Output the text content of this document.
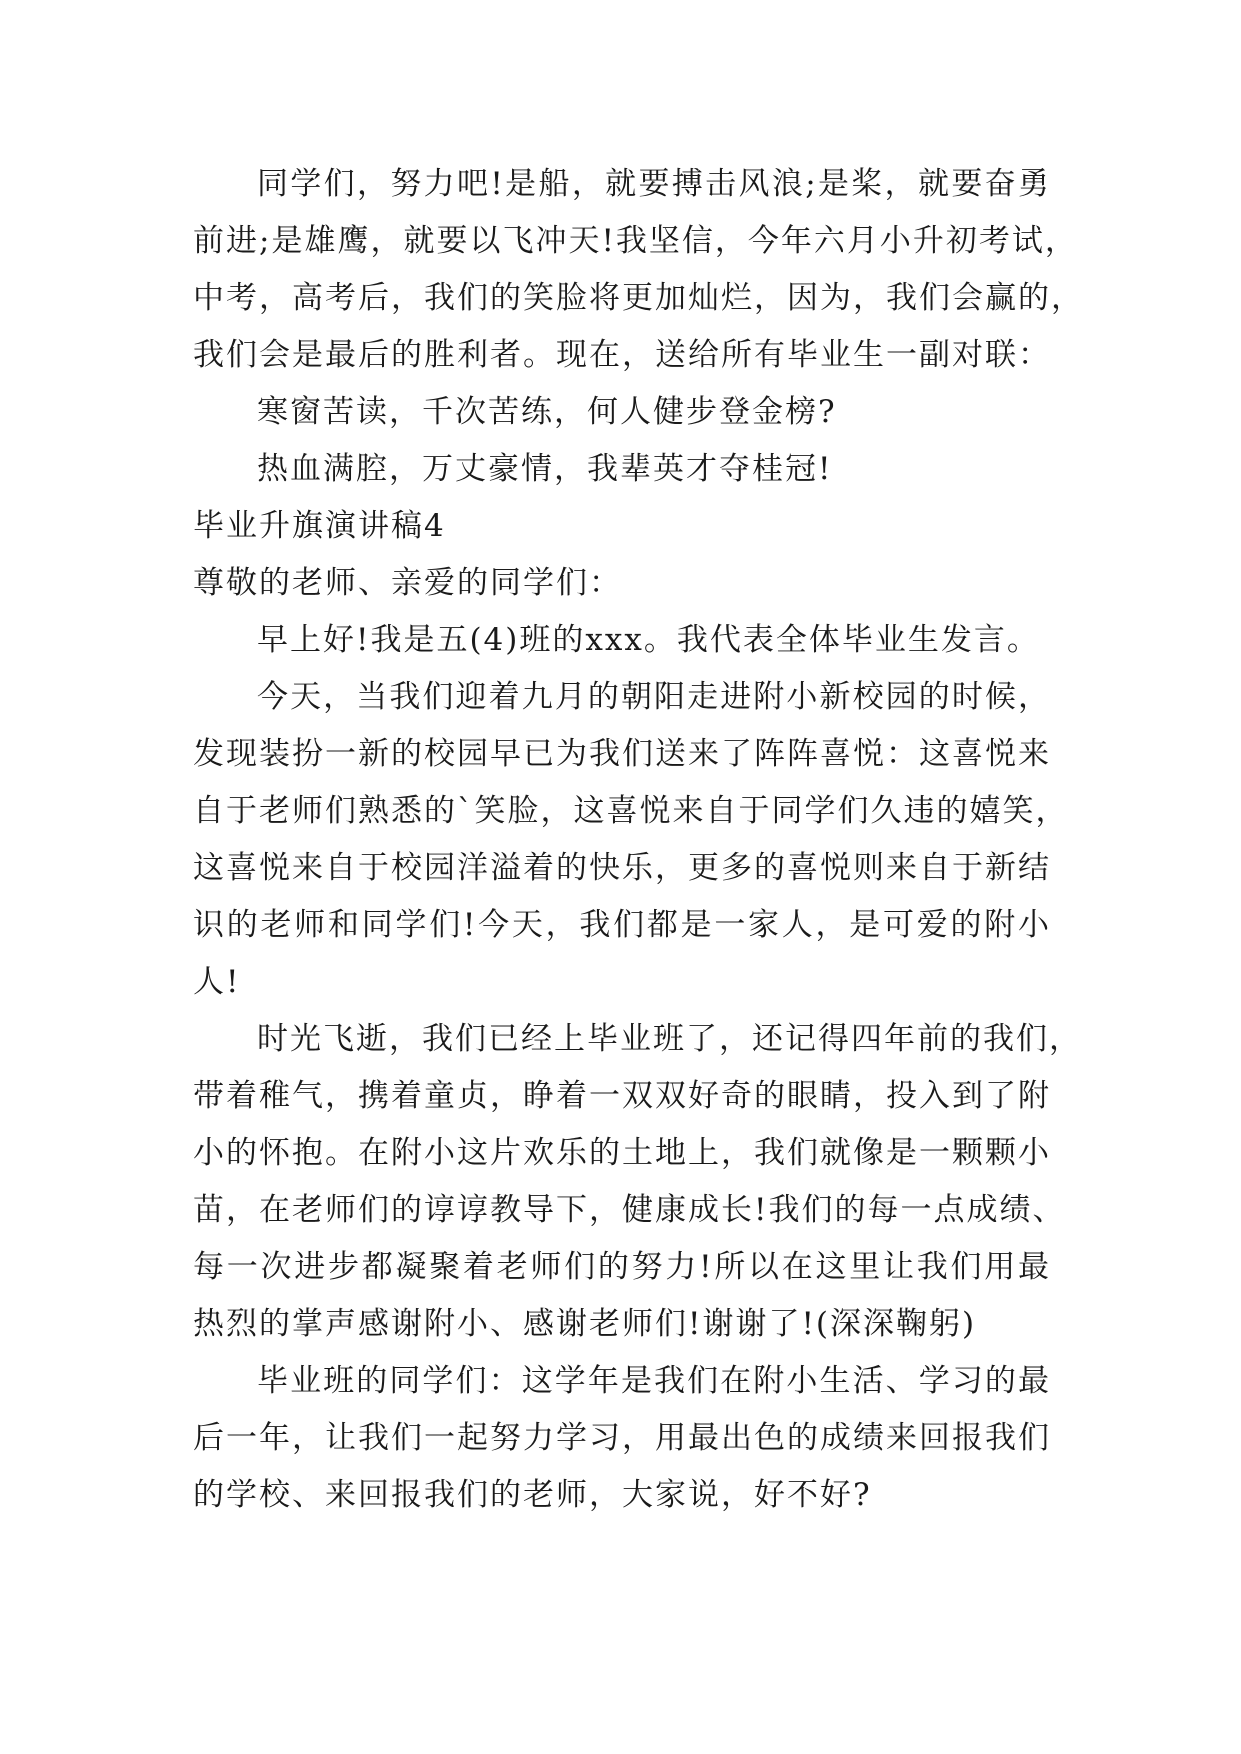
同学们，努力吧!是船，就要搏击风浪;是桨，就要奋勇
前进;是雄鹰，就要以飞冲天!我坚信，今年六月小升初考试，
中考，高考后，我们的笑脸将更加灿烂，因为，我们会赢的，
我们会是最后的胜利者。现在，送给所有毕业生一副对联：
寒窗苦读，千次苦练，何人健步登金榜?
热血满腔，万丈豪情，我辈英才夺桂冠!
毕业升旗演讲稿4
尊敬的老师、亲爱的同学们：
早上好!我是五(4)班的xxx。我代表全体毕业生发言。
今天，当我们迎着九月的朝阳走进附小新校园的时候，
发现装扮一新的校园早已为我们送来了阵阵喜悦：这喜悦来
自于老师们熟悉的`笑脸，这喜悦来自于同学们久违的嬉笑，
这喜悦来自于校园洋溢着的快乐，更多的喜悦则来自于新结
识的老师和同学们!今天，我们都是一家人，是可爱的附小
人!
时光飞逝，我们已经上毕业班了，还记得四年前的我们，
带着稚气，携着童贞，睁着一双双好奇的眼睛，投入到了附
小的怀抱。在附小这片欢乐的土地上，我们就像是一颗颗小
苗，在老师们的谆谆教导下，健康成长!我们的每一点成绩、
每一次进步都凝聚着老师们的努力!所以在这里让我们用最
热烈的掌声感谢附小、感谢老师们!谢谢了!(深深鞠躬)
毕业班的同学们：这学年是我们在附小生活、学习的最
后一年，让我们一起努力学习，用最出色的成绩来回报我们
的学校、来回报我们的老师，大家说，好不好?
